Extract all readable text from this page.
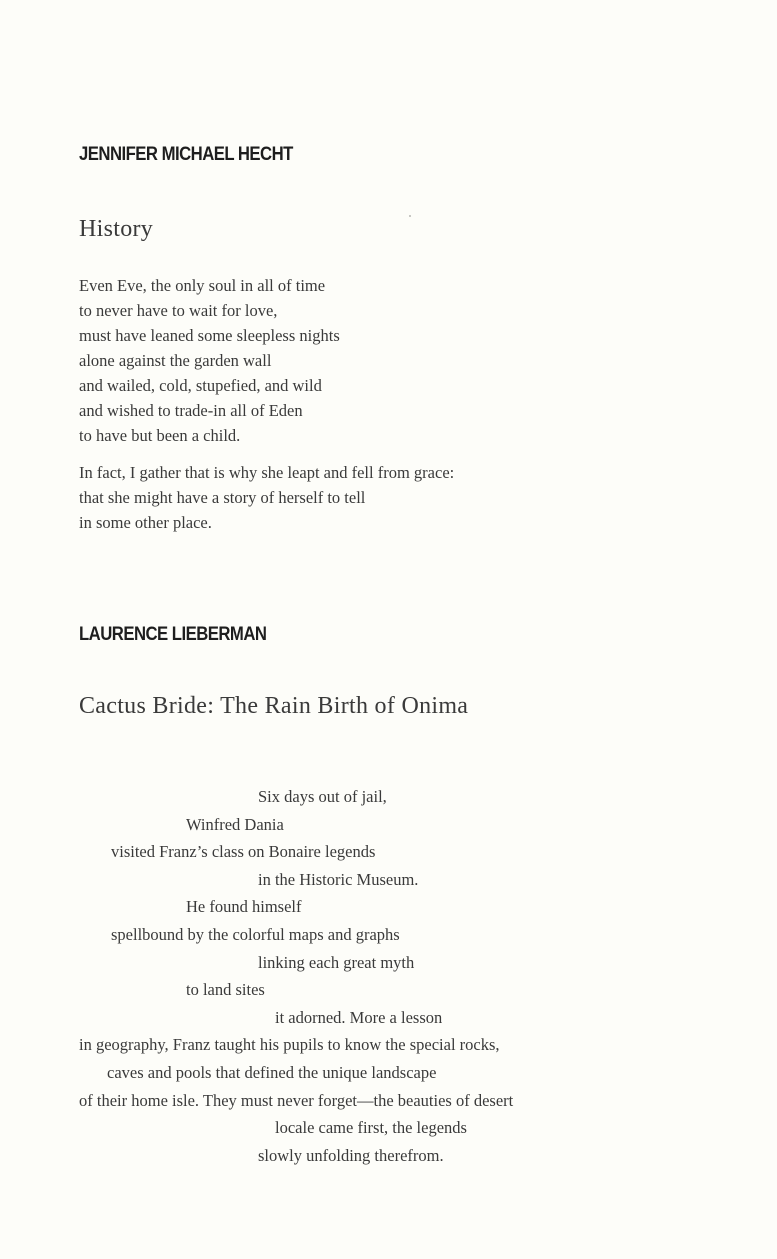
JENNIFER MICHAEL HECHT
History

Even Eve, the only soul in all of time
to never have to wait for love,
must have leaned some sleepless nights
alone against the garden wall
and wailed, cold, stupefied, and wild
and wished to trade-in all of Eden
to have but been a child.

In fact, I gather that is why she leapt and fell from grace:
that she might have a story of herself to tell
in some other place.

LAURENCE LIEBERMAN
Cactus Bride: The Rain Birth of Onima

Six days out of jail,
Winfred Dania
visited Franz’s class on Bonaire legends
in the Historic Museum.
He found himself
spellbound by the colorful maps and graphs
linking each great myth
to land sites
it adorned. More a lesson
in geography, Franz taught his pupils to know the special rocks,
caves and pools that defined the unique landscape
of their home isle. They must never forget—the beauties of desert
locale came first, the legends
slowly unfolding therefrom.
